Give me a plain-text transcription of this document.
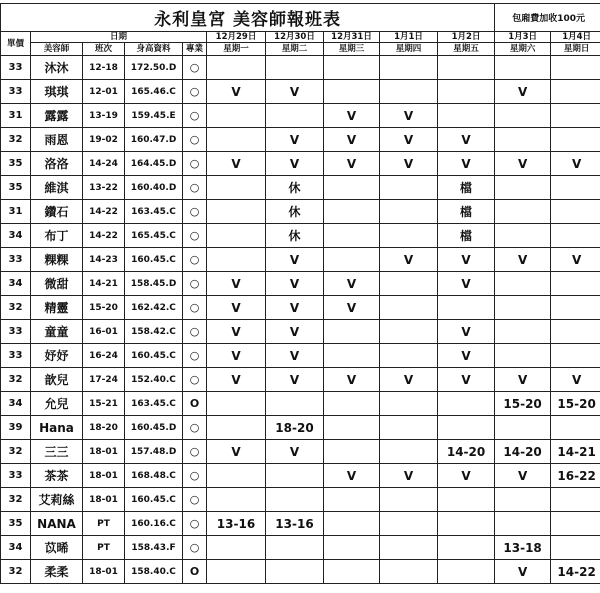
永利皇宮 美容師報班表										包廂費加收100元	
單價	日期				12月29日	12月30日	12月31日	1月1日	1月2日	1月3日	1月4日
	美容師	班次	身高資料	專業	星期一	星期二	星期三	星期四	星期五	星期六	星期日
33	沐沐	12-18	172.50.D	○							
33	琪琪	12-01	165.46.C	○	V	V				V	
31	露露	13-19	159.45.E	○			V	V			
32	雨恩	19-02	160.47.D	○		V	V	V	V		
35	洛洛	14-24	164.45.D	○	V	V	V	V	V	V	V
35	維淇	13-22	160.40.D	○		休			檔		
31	鑽石	14-22	163.45.C	○		休			檔		
34	布丁	14-22	165.45.C	○		休			檔		
33	粿粿	14-23	160.45.C	○		V		V	V	V	V
34	微甜	14-21	158.45.D	○	V	V	V		V		
32	精靈	15-20	162.42.C	○	V	V	V				
33	童童	16-01	158.42.C	○	V	V			V		
33	妤妤	16-24	160.45.C	○	V	V			V		
32	歆兒	17-24	152.40.C	○	V	V	V	V	V	V	V
34	允兒	15-21	163.45.C	O						15-20	15-20
39	Hana	18-20	160.45.D	○		18-20					
32	三三	18-01	157.48.D	○	V	V			14-20	14-20	14-21
33	茶茶	18-01	168.48.C	○			V	V	V	V	16-22
32	艾莉絲	18-01	160.45.C	○							
35	NANA	PT	160.16.C	○	13-16	13-16					
34	苡晞	PT	158.43.F	○						13-18	
32	柔柔	18-01	158.40.C	O						V	14-22
